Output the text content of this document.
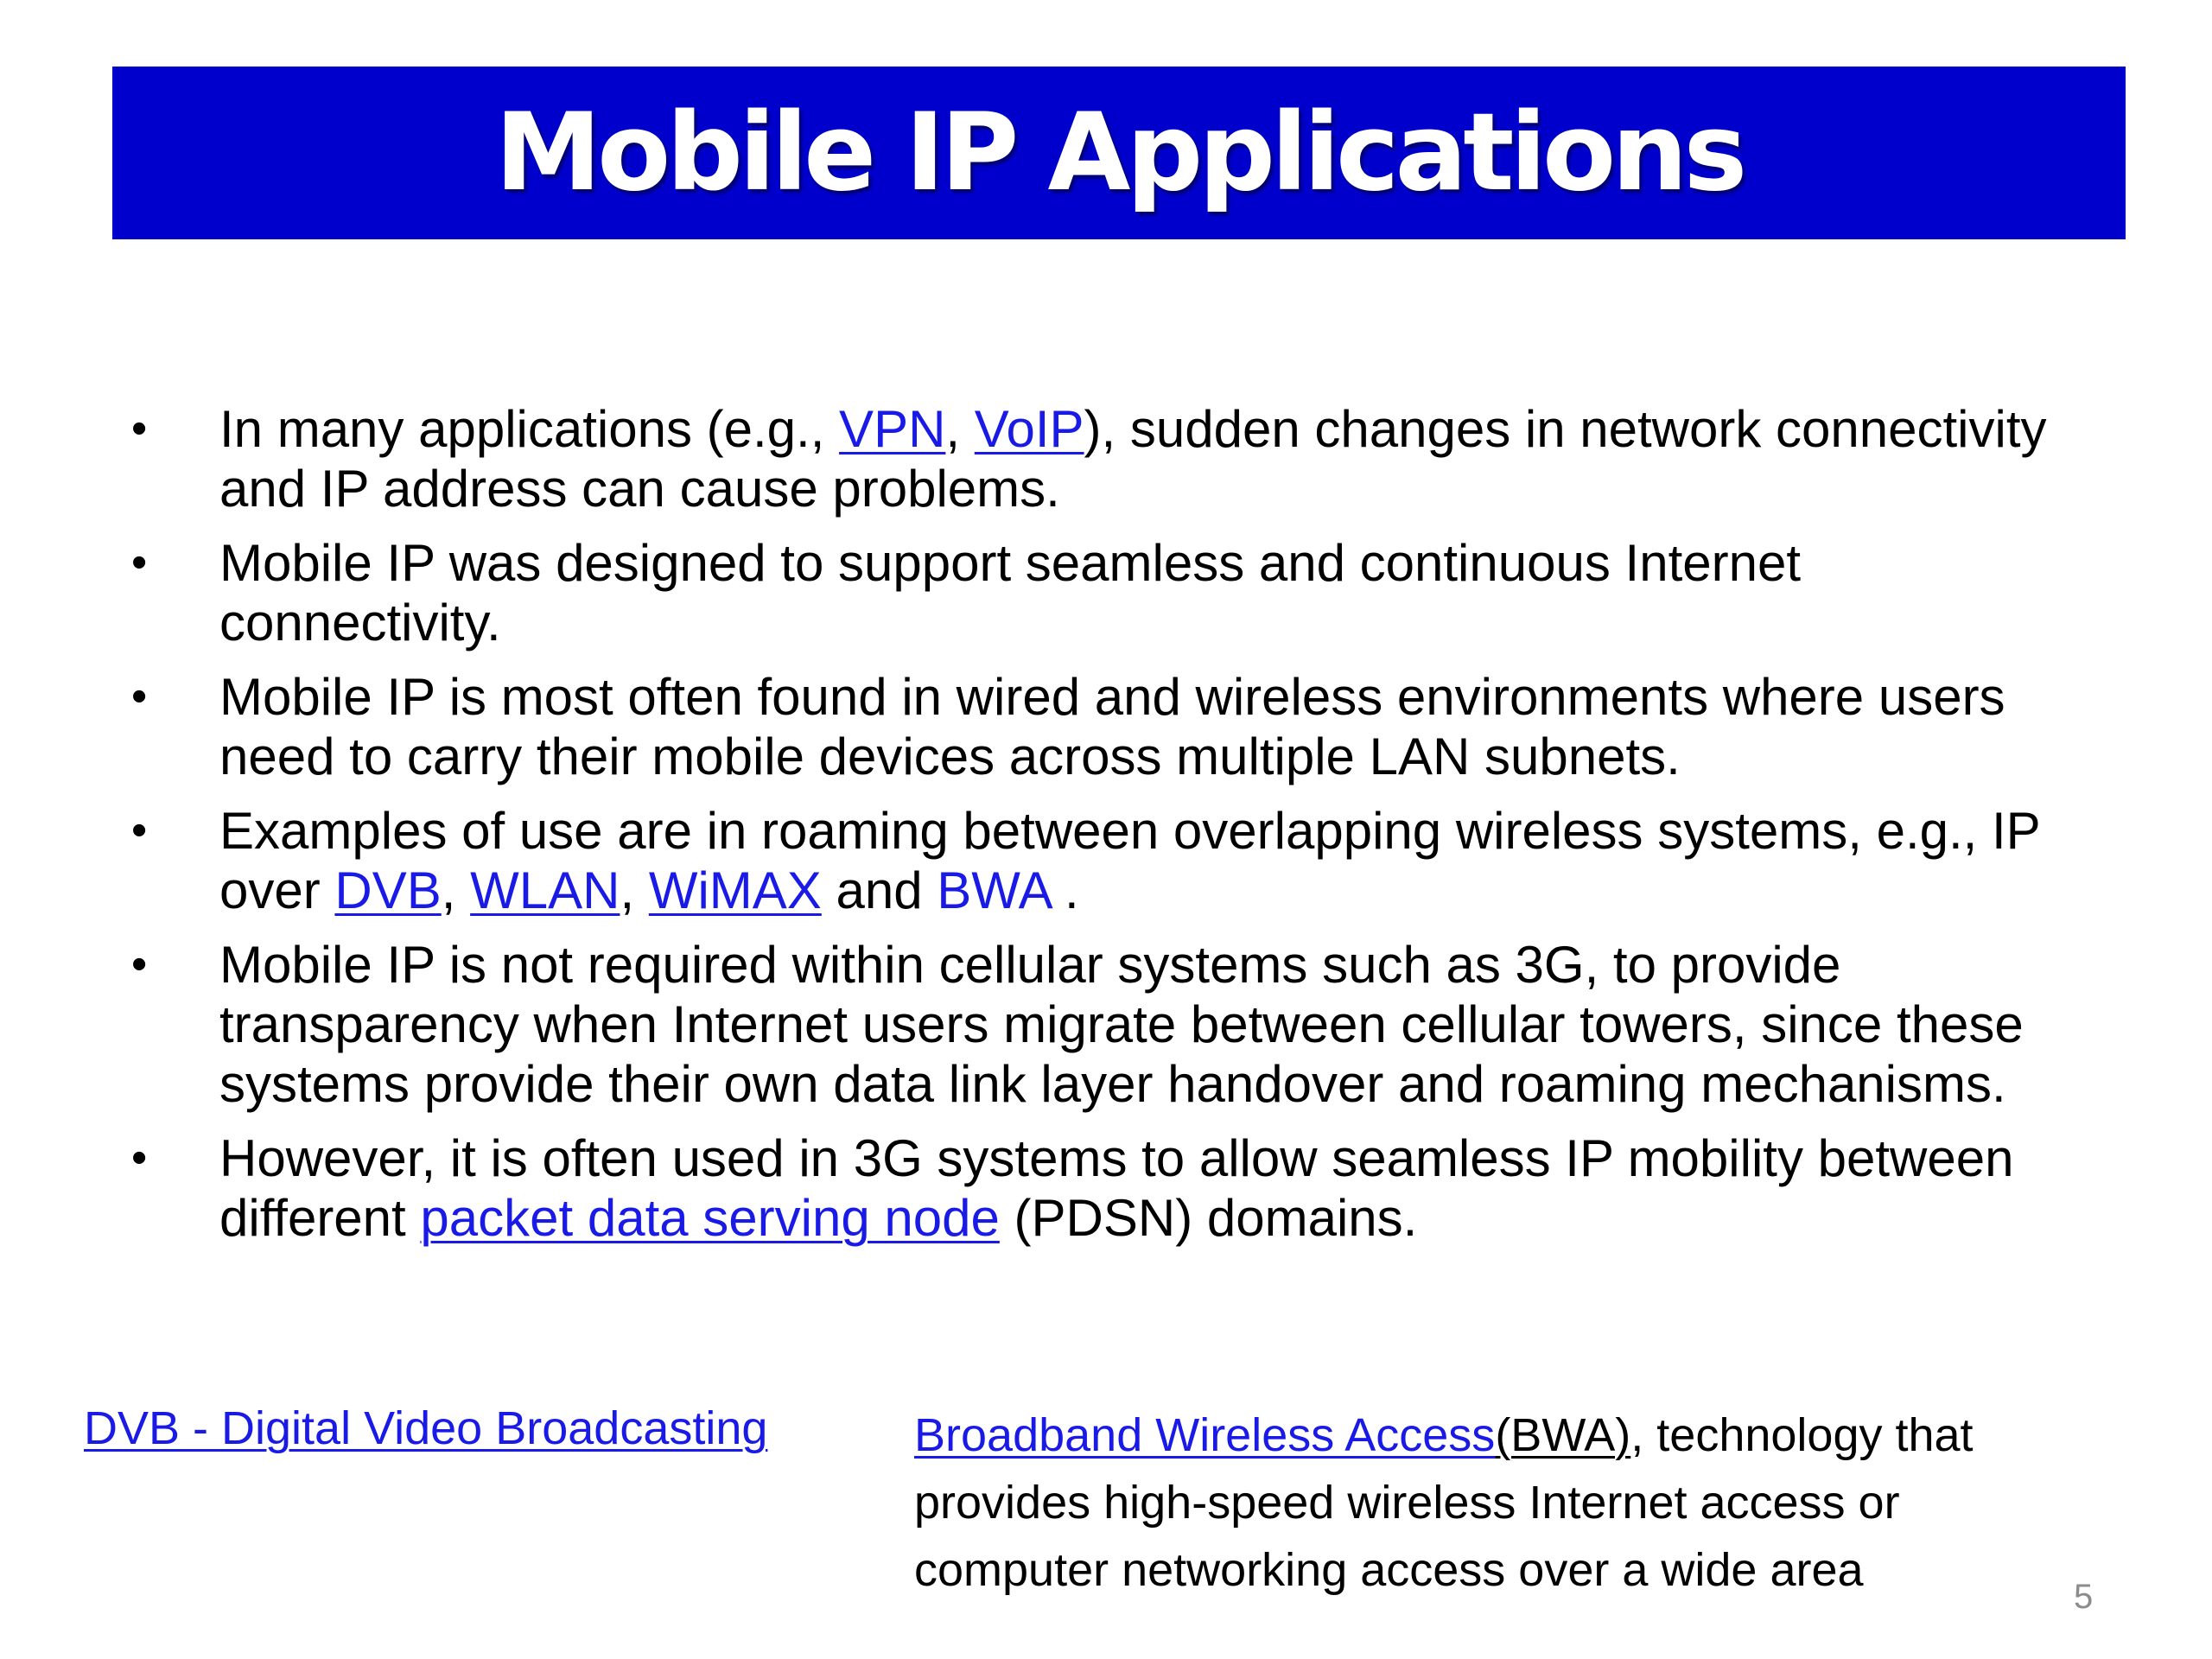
Mobile IP Applications
•	In many applications (e.g., VPN, VoIP), sudden changes in network connectivity and IP address can cause problems.
•	Mobile IP was designed to support seamless and continuous Internet connectivity.
•	Mobile IP is most often found in wired and wireless environments where users need to carry their mobile devices across multiple LAN subnets.
•	Examples of use are in roaming between overlapping wireless systems, e.g., IP over DVB, WLAN, WiMAX and BWA .
•	Mobile IP is not required within cellular systems such as 3G, to provide transparency when Internet users migrate between cellular towers, since these systems provide their own data link layer handover and roaming mechanisms.
•	However, it is often used in 3G systems to allow seamless IP mobility between different packet data serving node (PDSN) domains.
DVB - Digital Video Broadcasting	Broadband Wireless Access(BWA), technology that provides high-speed wireless Internet access or computer networking access over a wide area
5
